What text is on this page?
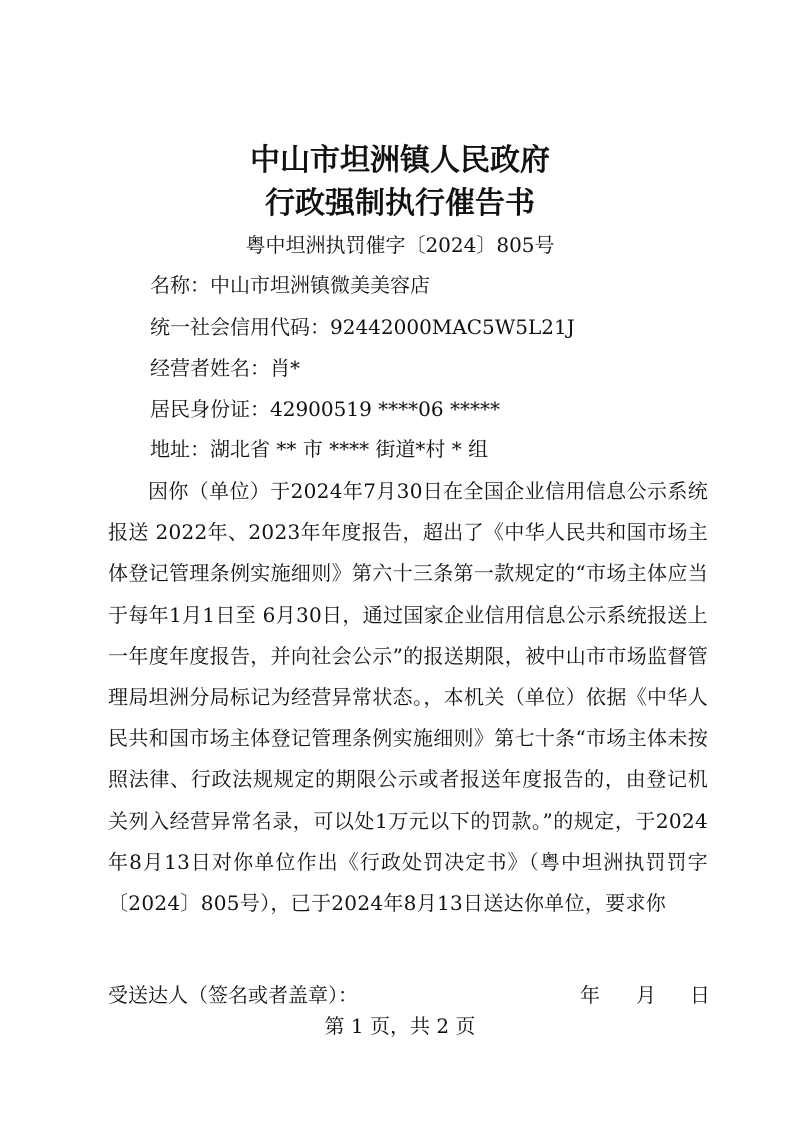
中山市坦洲镇人民政府
行政强制执行催告书
粤中坦洲执罚催字〔2024〕805号
名称：中山市坦洲镇微美美容店
统一社会信用代码：92442000MAC5W5L21J
经营者姓名：肖*
居民身份证：42900519 ****06 *****
地址：湖北省 ** 市 **** 街道*村 * 组
因你（单位）于2024年7月30日在全国企业信用信息公示系统报送 2022年、2023年年度报告，超出了《中华人民共和国市场主体登记管理条例实施细则》第六十三条第一款规定的“市场主体应当于每年1月1日至 6月30日，通过国家企业信用信息公示系统报送上一年度年度报告，并向社会公示”的报送期限，被中山市市场监督管理局坦洲分局标记为经营异常状态。，本机关（单位）依据《中华人民共和国市场主体登记管理条例实施细则》第七十条“市场主体未按照法律、行政法规规定的期限公示或者报送年度报告的，由登记机关列入经营异常名录，可以处1万元以下的罚款。”的规定，于2024年8月13日对你单位作出《行政处罚决定书》（粤中坦洲执罚罚字〔2024〕805号），已于2024年8月13日送达你单位，要求你
受送达人（签名或者盖章）：	年 月 日
第 1 页，共 2 页
